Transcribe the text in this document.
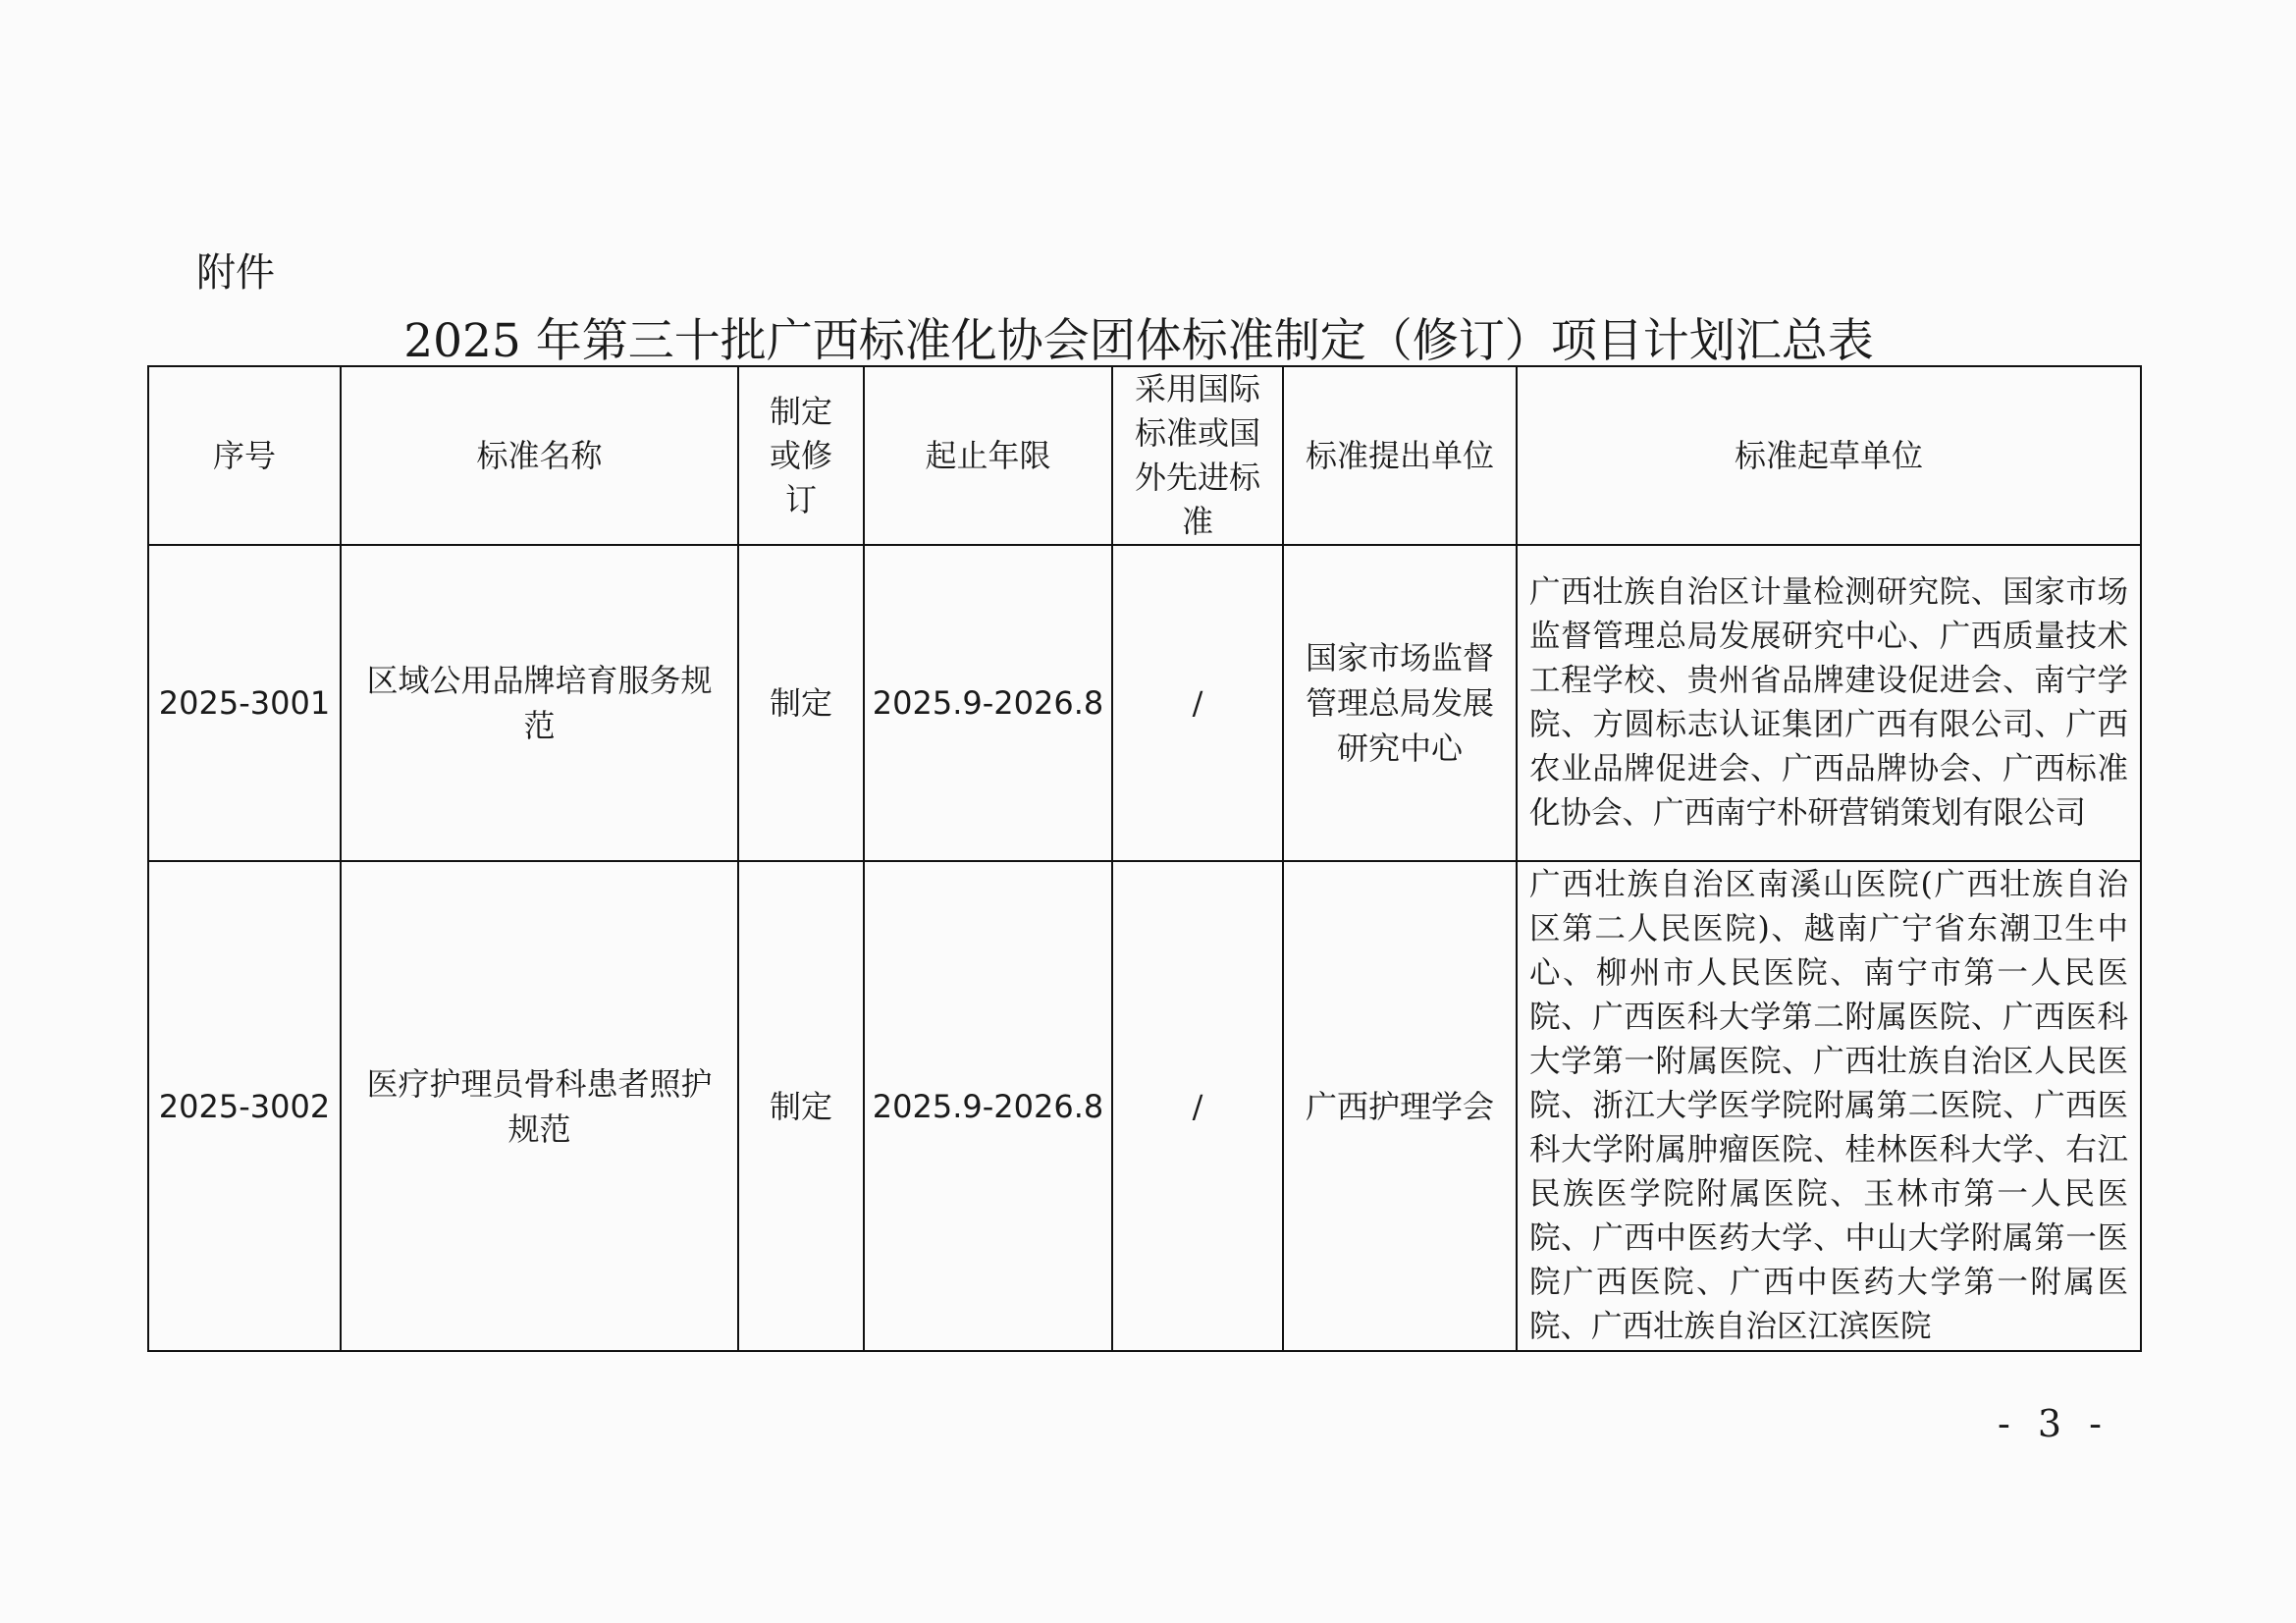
附件
2025 年第三十批广西标准化协会团体标准制定（修订）项目计划汇总表
序号	标准名称	制定或修订	起止年限	采用国际标准或国外先进标准	标准提出单位	标准起草单位
2025-3001	区域公用品牌培育服务规范	制定	2025.9-2026.8	/	国家市场监督管理总局发展研究中心	广西壮族自治区计量检测研究院、国家市场监督管理总局发展研究中心、广西质量技术工程学校、贵州省品牌建设促进会、南宁学院、方圆标志认证集团广西有限公司、广西农业品牌促进会、广西品牌协会、广西标准化协会、广西南宁朴研营销策划有限公司
2025-3002	医疗护理员骨科患者照护规范	制定	2025.9-2026.8	/	广西护理学会	广西壮族自治区南溪山医院(广西壮族自治区第二人民医院)、越南广宁省东潮卫生中心、柳州市人民医院、南宁市第一人民医院、广西医科大学第二附属医院、广西医科大学第一附属医院、广西壮族自治区人民医院、浙江大学医学院附属第二医院、广西医科大学附属肿瘤医院、桂林医科大学、右江民族医学院附属医院、玉林市第一人民医院、广西中医药大学、中山大学附属第一医院广西医院、广西中医药大学第一附属医院、广西壮族自治区江滨医院
- 3 -
